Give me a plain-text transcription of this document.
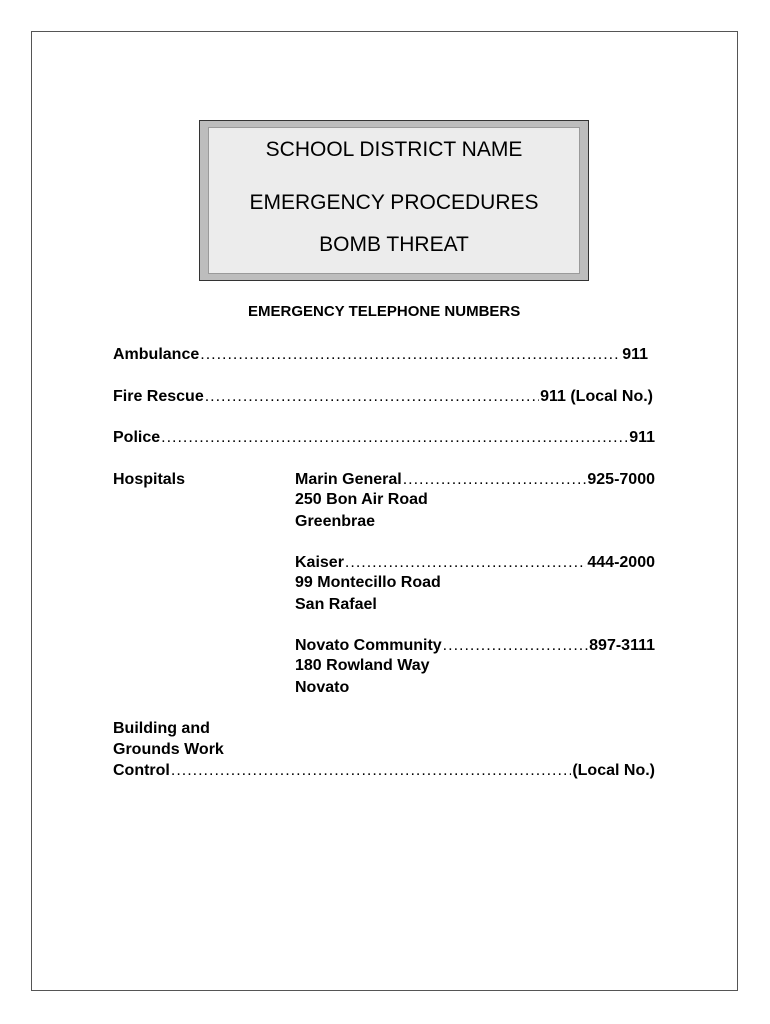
SCHOOL DISTRICT NAME
EMERGENCY PROCEDURES
BOMB THREAT
EMERGENCY TELEPHONE NUMBERS
Ambulance .....	911
Fire Rescue .....	911 (Local No.)
Police .....	911
Hospitals	Marin General .....	925-7000
250 Bon Air Road
Greenbrae
Kaiser .....	444-2000
99 Montecillo Road
San Rafael
Novato Community .....	897-3111
180 Rowland Way
Novato
Building and
Grounds Work
Control .....	(Local No.)
